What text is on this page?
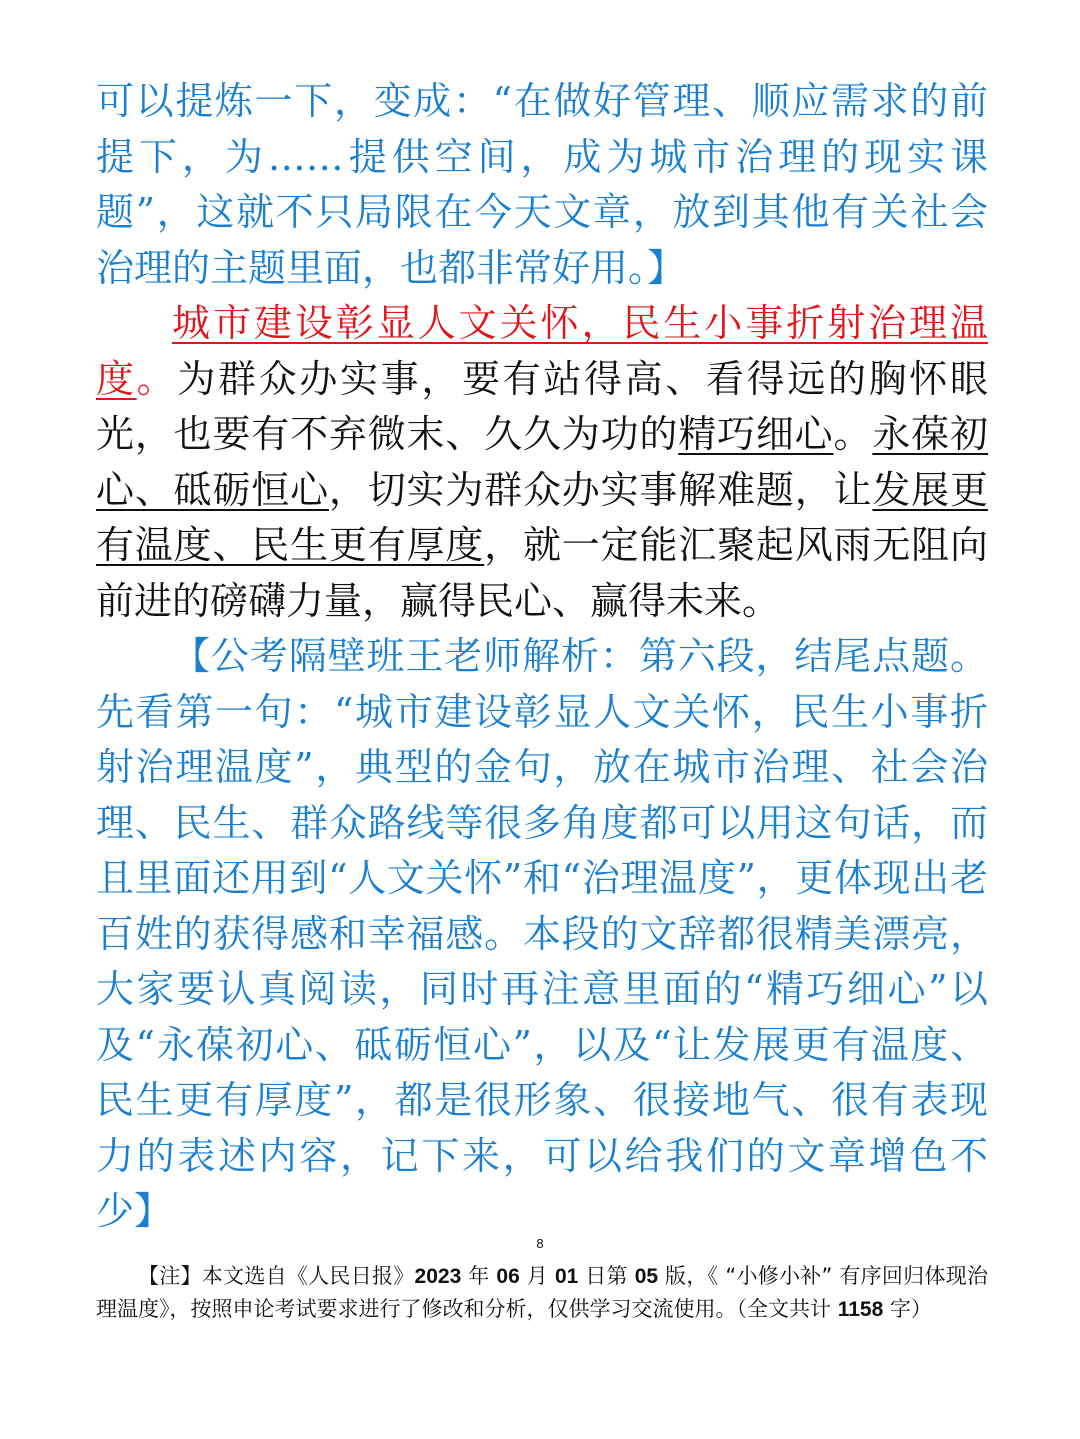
可以提炼一下，变成：“在做好管理、顺应需求的前提下，为……提供空间，成为城市治理的现实课题”，这就不只局限在今天文章，放到其他有关社会治理的主题里面，也都非常好用。】

城市建设彰显人文关怀，民生小事折射治理温度。为群众办实事，要有站得高、看得远的胸怀眼光，也要有不弃微末、久久为功的精巧细心。永葆初心、砥砺恒心，切实为群众办实事解难题，让发展更有温度、民生更有厚度，就一定能汇聚起风雨无阻向前进的磅礴力量，赢得民心、赢得未来。

【公考隔壁班王老师解析：第六段，结尾点题。先看第一句：“城市建设彰显人文关怀，民生小事折射治理温度”，典型的金句，放在城市治理、社会治理、民生、群众路线等很多角度都可以用这句话，而且里面还用到“人文关怀”和“治理温度”，更体现出老百姓的获得感和幸福感。本段的文辞都很精美漂亮，大家要认真阅读，同时再注意里面的“精巧细心”以及“永葆初心、砥砺恒心”，以及“让发展更有温度、民生更有厚度”，都是很形象、很接地气、很有表现力的表述内容，记下来，可以给我们的文章增色不少】

8

【注】本文选自《人民日报》2023 年 06 月 01 日第 05 版，《 “小修小补” 有序回归体现治理温度》，按照申论考试要求进行了修改和分析，仅供学习交流使用。（全文共计 1158 字）
